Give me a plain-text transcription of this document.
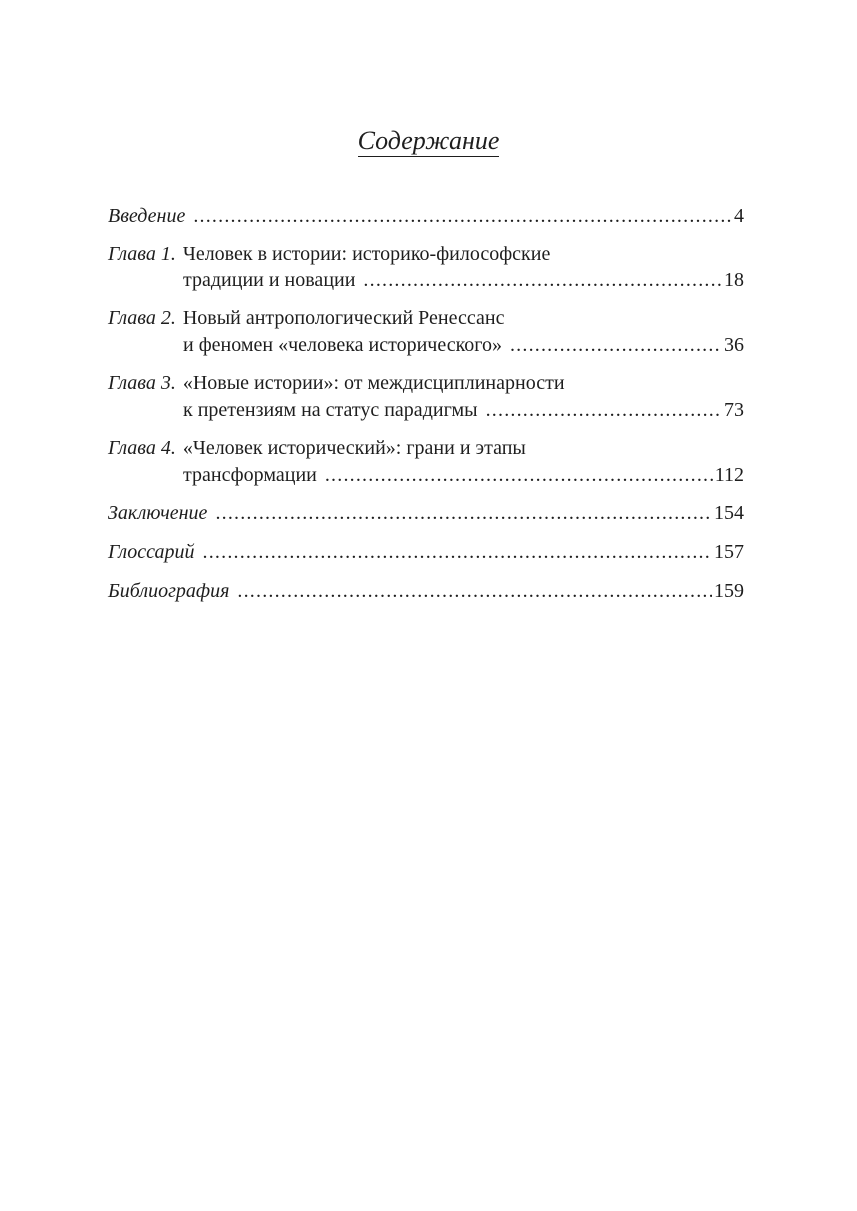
Содержание
Введение .....	4
Глава 1. Человек в истории: историко-философские
традиции и новации .....	18
Глава 2. Новый антропологический Ренессанс
и феномен «человека исторического» .....	36
Глава 3. «Новые истории»: от междисциплинарности
к претензиям на статус парадигмы .....	73
Глава 4. «Человек исторический»: грани и этапы
трансформации .....	112
Заключение .....	154
Глоссарий .....	157
Библиография .....	159
